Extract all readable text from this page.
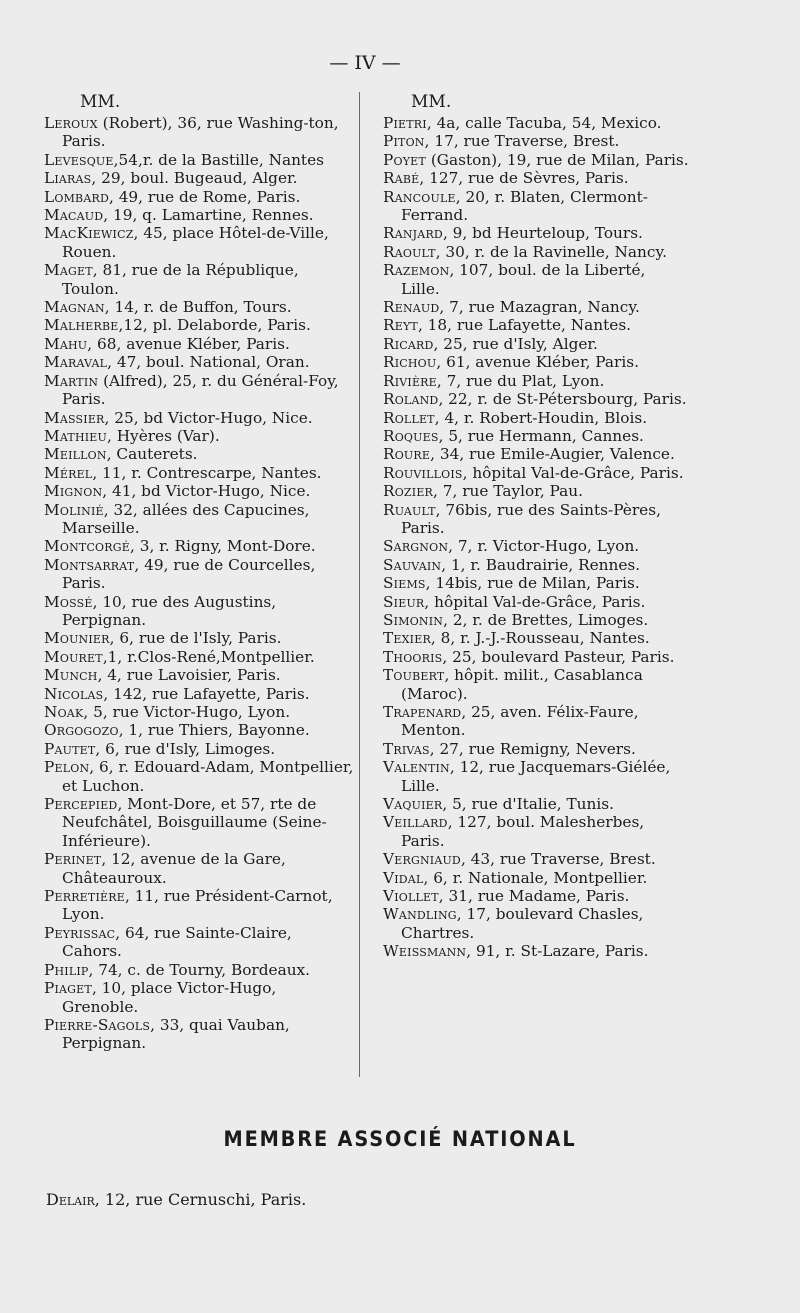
— IV —
MM.

Leroux (Robert), 36, rue Washing-ton, Paris.

Levesque,54,r. de la Bastille, Nantes

Liaras, 29, boul. Bugeaud, Alger.

Lombard, 49, rue de Rome, Paris.

Macaud, 19, q. Lamartine, Rennes.

MacKiewicz, 45, place Hôtel-de-Ville, Rouen.

Maget, 81, rue de la République, Toulon.

Magnan, 14, r. de Buffon, Tours.

Malherbe,12, pl. Delaborde, Paris.

Mahu, 68, avenue Kléber, Paris.

Maraval, 47, boul. National, Oran.

Martin (Alfred), 25, r. du Général-Foy, Paris.

Massier, 25, bd Victor-Hugo, Nice.

Mathieu, Hyères (Var).

Meillon, Cauterets.

Mérel, 11, r. Contrescarpe, Nantes.

Mignon, 41, bd Victor-Hugo, Nice.

Molinié, 32, allées des Capucines, Marseille.

Montcorgé, 3, r. Rigny, Mont-Dore.

Montsarrat, 49, rue de Courcelles, Paris.

Mossé, 10, rue des Augustins, Perpignan.

Mounier, 6, rue de l'Isly, Paris.

Mouret,1, r.Clos-René,Montpellier.

Munch, 4, rue Lavoisier, Paris.

Nicolas, 142, rue Lafayette, Paris.

Noak, 5, rue Victor-Hugo, Lyon.

Orgogozo, 1, rue Thiers, Bayonne.

Pautet, 6, rue d'Isly, Limoges.

Pelon, 6, r. Edouard-Adam, Montpellier, et Luchon.

Percepied, Mont-Dore, et 57, rte de Neufchâtel, Boisguillaume (Seine-Inférieure).

Perinet, 12, avenue de la Gare, Châteauroux.

Perretière, 11, rue Président-Carnot, Lyon.

Peyrissac, 64, rue Sainte-Claire, Cahors.

Philip, 74, c. de Tourny, Bordeaux.

Piaget, 10, place Victor-Hugo, Grenoble.

Pierre-Sagols, 33, quai Vauban, Perpignan.

MM.

Pietri, 4a, calle Tacuba, 54, Mexico.

Piton, 17, rue Traverse, Brest.

Poyet (Gaston), 19, rue de Milan, Paris.

Rabé, 127, rue de Sèvres, Paris.

Rancoule, 20, r. Blaten, Clermont-Ferrand.

Ranjard, 9, bd Heurteloup, Tours.

Raoult, 30, r. de la Ravinelle, Nancy.

Razemon, 107, boul. de la Liberté, Lille.

Renaud, 7, rue Mazagran, Nancy.

Reyt, 18, rue Lafayette, Nantes.

Ricard, 25, rue d'Isly, Alger.

Richou, 61, avenue Kléber, Paris.

Rivière, 7, rue du Plat, Lyon.

Roland, 22, r. de St-Pétersbourg, Paris.

Rollet, 4, r. Robert-Houdin, Blois.

Roques, 5, rue Hermann, Cannes.

Roure, 34, rue Emile-Augier, Valence.

Rouvillois, hôpital Val-de-Grâce, Paris.

Rozier, 7, rue Taylor, Pau.

Ruault, 76bis, rue des Saints-Pères, Paris.

Sargnon, 7, r. Victor-Hugo, Lyon.

Sauvain, 1, r. Baudrairie, Rennes.

Siems, 14bis, rue de Milan, Paris.

Sieur, hôpital Val-de-Grâce, Paris.

Simonin, 2, r. de Brettes, Limoges.

Texier, 8, r. J.-J.-Rousseau, Nantes.

Thooris, 25, boulevard Pasteur, Paris.

Toubert, hôpit. milit., Casablanca (Maroc).

Trapenard, 25, aven. Félix-Faure, Menton.

Trivas, 27, rue Remigny, Nevers.

Valentin, 12, rue Jacquemars-Giélée, Lille.

Vaquier, 5, rue d'Italie, Tunis.

Veillard, 127, boul. Malesherbes, Paris.

Vergniaud, 43, rue Traverse, Brest.

Vidal, 6, r. Nationale, Montpellier.

Viollet, 31, rue Madame, Paris.

Wandling, 17, boulevard Chasles, Chartres.

Weissmann, 91, r. St-Lazare, Paris.

MEMBRE ASSOCIÉ NATIONAL
Delair, 12, rue Cernuschi, Paris.
